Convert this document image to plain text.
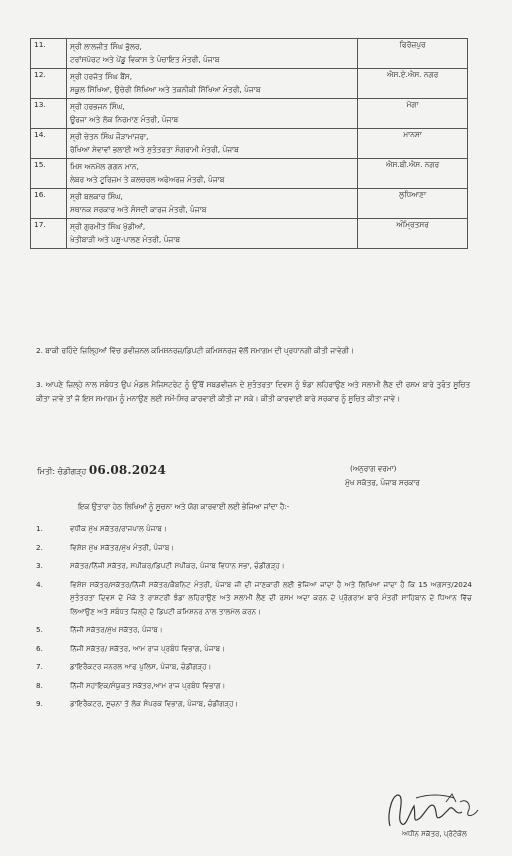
11.	ਸ੍ਰੀ ਲਾਲਜੀਤ ਸਿੰਘ ਭੁੱਲਰ,
ਟਰਾਂਸਪੋਰਟ ਅਤੇ ਪੇਂਡੂ ਵਿਕਾਸ ਤੇ ਪੰਚਾਇਤ ਮੰਤਰੀ, ਪੰਜਾਬ	ਫਿਰੋਜ਼ਪੁਰ
12.	ਸ੍ਰੀ ਹਰਜੋਤ ਸਿੰਘ ਬੈਂਸ,
ਸਕੂਲ ਸਿੱਖਿਆ, ਉਚੇਰੀ ਸਿੱਖਿਆ ਅਤੇ ਤਕਨੀਕੀ ਸਿੱਖਿਆ ਮੰਤਰੀ, ਪੰਜਾਬ	ਐਸ.ਏ.ਐਸ. ਨਗਰ
13.	ਸ੍ਰੀ ਹਰਭਜਨ ਸਿੰਘ,
ਊਰਜਾ ਅਤੇ ਲੋਕ ਨਿਰਮਾਣ ਮੰਤਰੀ, ਪੰਜਾਬ	ਮੋਗਾ
14.	ਸ੍ਰੀ ਚੇਤਨ ਸਿੰਘ ਜੌੜਾਮਾਜਰਾ,
ਰੱਖਿਆ ਸੇਵਾਵਾਂ ਭਲਾਈ ਅਤੇ ਸੁਤੰਤਰਤਾ ਸੰਗਰਾਮੀ ਮੰਤਰੀ, ਪੰਜਾਬ	ਮਾਨਸਾ
15.	ਮਿਸ ਅਨਮੋਲ ਗਗਨ ਮਾਨ,
ਲੇਬਰ ਅਤੇ ਟੂਰਿਜ਼ਮ ਤੇ ਕਲਚਰਲ ਅਫੇਅਰਜ਼ ਮੰਤਰੀ, ਪੰਜਾਬ	ਐਸ.ਬੀ.ਐਸ. ਨਗਰ
16.	ਸ੍ਰੀ ਬਲਕਾਰ ਸਿੰਘ,
ਸਥਾਨਕ ਸਰਕਾਰ ਅਤੇ ਸੰਸਦੀ ਕਾਰਜ ਮੰਤਰੀ, ਪੰਜਾਬ	ਲੁਧਿਆਣਾ
17.	ਸ੍ਰੀ ਗੁਰਮੀਤ ਸਿੰਘ ਖੁੱਡੀਆਂ,
ਖੇਤੀਬਾੜੀ ਅਤੇ ਪਸ਼ੂ-ਪਾਲਣ ਮੰਤਰੀ, ਪੰਜਾਬ	ਅੰਮ੍ਰਿਤਸਰ
2. ਬਾਕੀ ਰਹਿੰਦੇ ਜ਼ਿਲ੍ਹਿਆਂ ਵਿੱਚ ਡਵੀਜ਼ਨਲ ਕਮਿਸ਼ਨਰਜ਼/ਡਿਪਟੀ ਕਮਿਸ਼ਨਰਜ਼ ਵੱਲੋਂ ਸਮਾਗਮ ਦੀ ਪ੍ਰਧਾਨਗੀ ਕੀਤੀ ਜਾਵੇਗੀ।
3. ਆਪਣੇ ਜ਼ਿਲ੍ਹੇ ਨਾਲ ਸਬੰਧਤ ਉਪ ਮੰਡਲ ਮੈਜਿਸਟਰੇਟ ਨੂੰ ਉੱਥੋਂ ਸਬਡਵੀਜ਼ਨ ਦੇ ਸੁਤੰਤਰਤਾ ਦਿਵਸ ਨੂੰ ਝੰਡਾ ਲਹਿਰਾਉਣ ਅਤੇ ਸਲਾਮੀ ਲੈਣ ਦੀ ਰਸਮ ਬਾਰੇ ਤੁਰੰਤ ਸੂਚਿਤ ਕੀਤਾ ਜਾਵੇ ਤਾਂ ਜੋ ਇਸ ਸਮਾਗਮ ਨੂੰ ਮਨਾਉਣ ਲਈ ਸਮੇਂ-ਸਿਰ ਕਾਰਵਾਈ ਕੀਤੀ ਜਾ ਸਕੇ। ਕੀਤੀ ਕਾਰਵਾਈ ਬਾਰੇ ਸਰਕਾਰ ਨੂੰ ਸੂਚਿਤ ਕੀਤਾ ਜਾਵੇ।
ਮਿਤੀ: ਚੰਡੀਗੜ੍ਹ 06.08.2024	(ਅਨੁਰਾਗ ਵਰਮਾ)
ਮੁੱਖ ਸਕੱਤਰ, ਪੰਜਾਬ ਸਰਕਾਰ
ਇਕ ਉਤਾਰਾ ਹੇਠ ਲਿਖਿਆਂ ਨੂੰ ਸੂਚਨਾ ਅਤੇ ਯੋਗ ਕਾਰਵਾਈ ਲਈ ਭੇਜਿਆ ਜਾਂਦਾ ਹੈ:-
1.	ਵਧੀਕ ਮੁੱਖ ਸਕੱਤਰ/ਰਾਜਪਾਲ ਪੰਜਾਬ।
2.	ਵਿਸ਼ੇਸ਼ ਮੁੱਖ ਸਕੱਤਰ/ਮੁੱਖ ਮੰਤਰੀ, ਪੰਜਾਬ।
3.	ਸਕੱਤਰ/ਨਿੱਜੀ ਸਕੱਤਰ, ਸਪੀਕਰ/ਡਿਪਟੀ ਸਪੀਕਰ, ਪੰਜਾਬ ਵਿਧਾਨ ਸਭਾ, ਚੰਡੀਗੜ੍ਹ।
4.	ਵਿਸ਼ੇਸ਼ ਸਕੱਤਰ/ਸਕੱਤਰ/ਨਿੱਜੀ ਸਕੱਤਰ/ਕੈਬਨਿਟ ਮੰਤਰੀ, ਪੰਜਾਬ ਜੀ ਦੀ ਜਾਣਕਾਰੀ ਲਈ ਭੇਜਿਆ ਜਾਂਦਾ ਹੈ ਅਤੇ ਲਿਖਿਆ ਜਾਂਦਾ ਹੈ ਕਿ 15 ਅਗਸਤ/2024 ਸੁਤੰਤਰਤਾ ਦਿਵਸ ਦੇ ਮੌਕੇ ਤੇ ਰਾਸ਼ਟਰੀ ਝੰਡਾ ਲਹਿਰਾਉਣ ਅਤੇ ਸਲਾਮੀ ਲੈਣ ਦੀ ਰਸਮ ਅਦਾ ਕਰਨ ਦੇ ਪ੍ਰੋਗਰਾਮ ਬਾਰੇ ਮੰਤਰੀ ਸਾਹਿਬਾਨ ਦੇ ਧਿਆਨ ਵਿੱਚ ਲਿਆਉਣ ਅਤੇ ਸਬੰਧਤ ਜ਼ਿਲ੍ਹੇ ਦੇ ਡਿਪਟੀ ਕਮਿਸ਼ਨਰ ਨਾਲ ਤਾਲਮੇਲ ਕਰਨ।
5.	ਨਿੱਜੀ ਸਕੱਤਰ/ਮੁੱਖ ਸਕੱਤਰ, ਪੰਜਾਬ।
6.	ਨਿੱਜੀ ਸਕੱਤਰ/ ਸਕੱਤਰ, ਆਮ ਰਾਜ ਪ੍ਰਬੰਧ ਵਿਭਾਗ, ਪੰਜਾਬ।
7.	ਡਾਇਰੈਕਟਰ ਜਨਰਲ ਆਫ ਪੁਲਿਸ, ਪੰਜਾਬ, ਚੰਡੀਗੜ੍ਹ।
8.	ਨਿੱਜੀ ਸਹਾਇਕ/ਸੰਯੁਕਤ ਸਕੱਤਰ,ਆਮ ਰਾਜ ਪ੍ਰਬੰਧ ਵਿਭਾਗ।
9.	ਡਾਇਰੈਕਟਰ, ਸੂਚਨਾ ਤੇ ਲੋਕ ਸੰਪਰਕ ਵਿਭਾਗ, ਪੰਜਾਬ, ਚੰਡੀਗੜ੍ਹ।
ਅਧੀਨ ਸਕੱਤਰ, ਪ੍ਰੋਟੋਕੋਲ
